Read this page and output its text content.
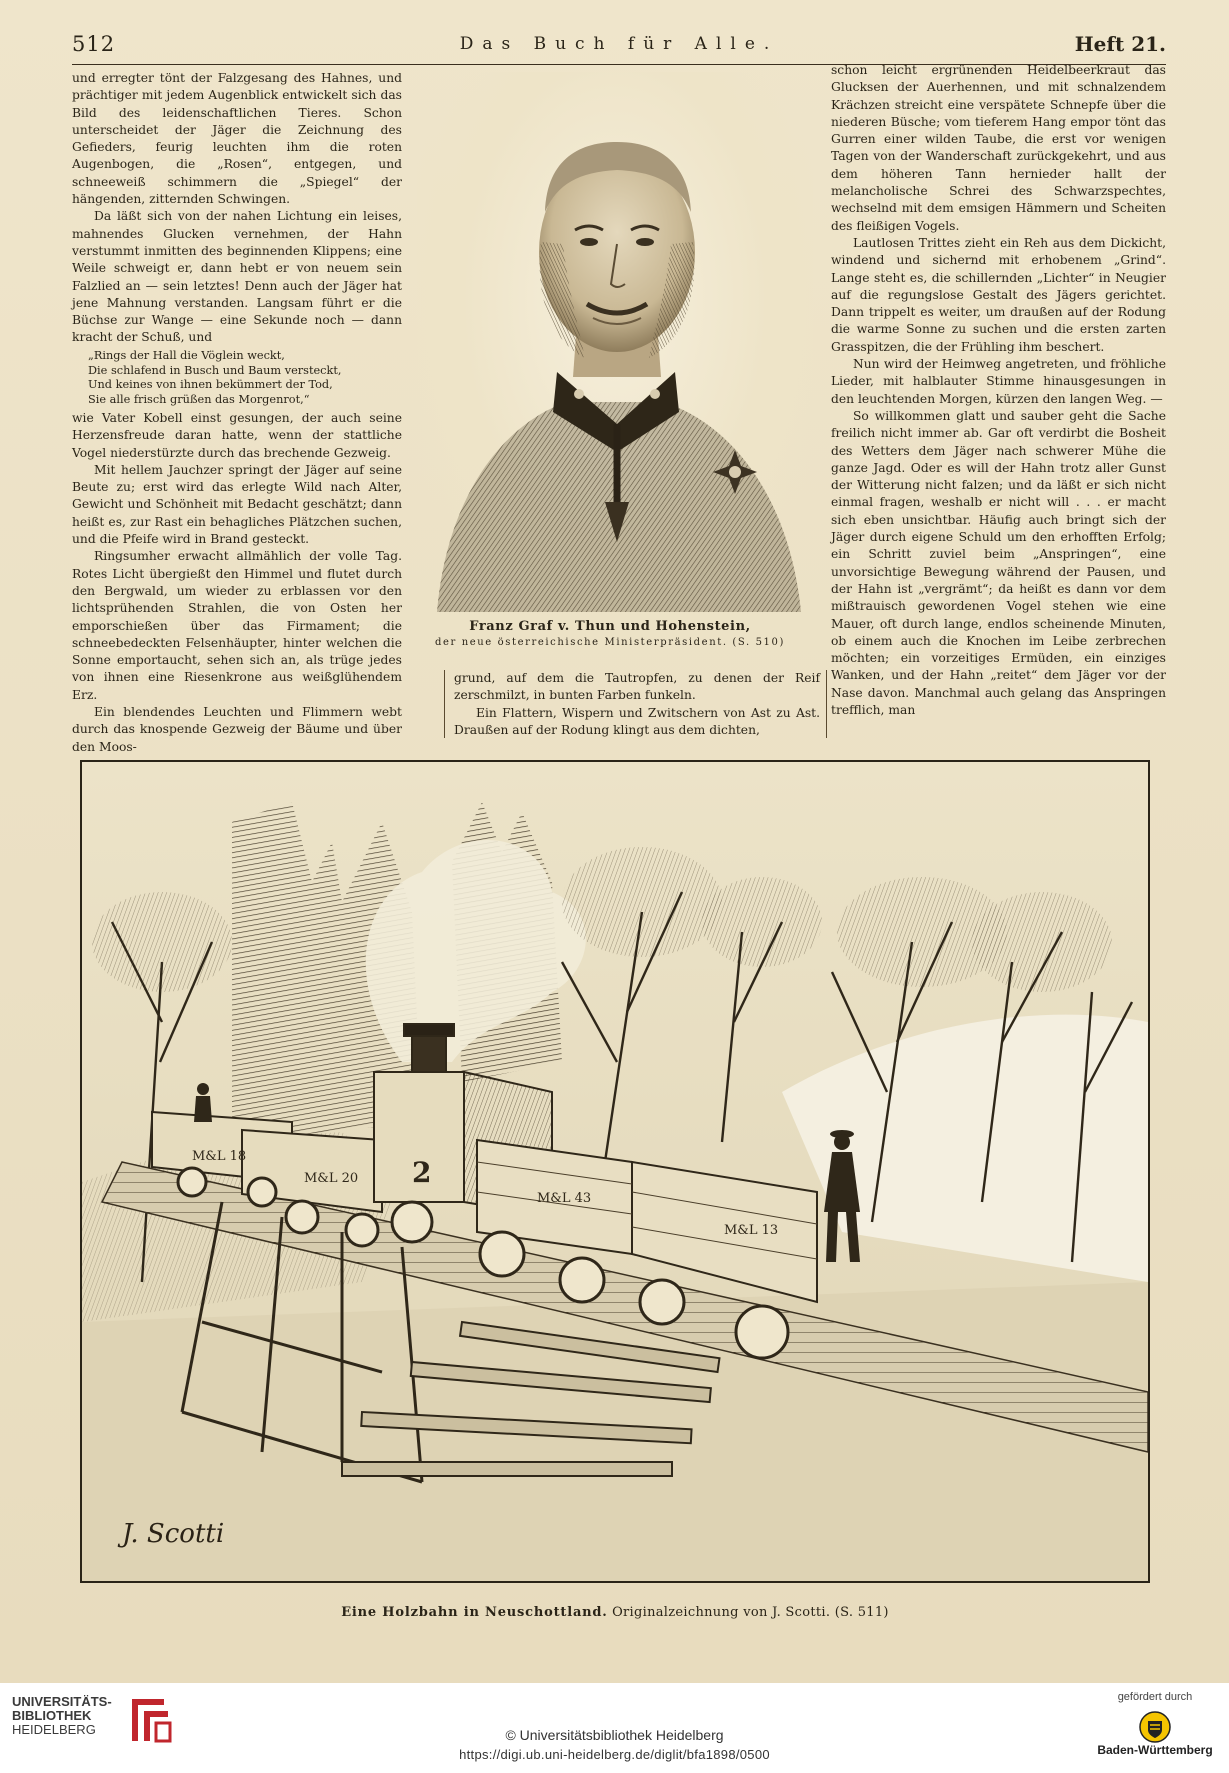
512	Das Buch für Alle.	Heft 21.

und erregter tönt der Falzgesang des Hahnes, und prächtiger mit jedem Augenblick entwickelt sich das Bild des leidenschaftlichen Tieres. Schon unterscheidet der Jäger die Zeichnung des Gefieders, feurig leuchten ihm die roten Augenbogen, die „Rosen“, entgegen, und schneeweiß schimmern die „Spiegel“ der hängenden, zitternden Schwingen.

Da läßt sich von der nahen Lichtung ein leises, mahnendes Glucken vernehmen, der Hahn verstummt inmitten des beginnenden Klippens; eine Weile schweigt er, dann hebt er von neuem sein Falzlied an — sein letztes! Denn auch der Jäger hat jene Mahnung verstanden. Langsam führt er die Büchse zur Wange — eine Sekunde noch — dann kracht der Schuß, und

„Rings der Hall die Vöglein weckt,
Die schlafend in Busch und Baum versteckt,
Und keines von ihnen bekümmert der Tod,
Sie alle frisch grüßen das Morgenrot,“

wie Vater Kobell einst gesungen, der auch seine Herzensfreude daran hatte, wenn der stattliche Vogel niederstürzte durch das brechende Gezweig.

Mit hellem Jauchzer springt der Jäger auf seine Beute zu; erst wird das erlegte Wild nach Alter, Gewicht und Schönheit mit Bedacht geschätzt; dann heißt es, zur Rast ein behagliches Plätzchen suchen, und die Pfeife wird in Brand gesteckt.

Ringsumher erwacht allmählich der volle Tag. Rotes Licht übergießt den Himmel und flutet durch den Bergwald, um wieder zu erblassen vor den lichtsprühenden Strahlen, die von Osten her emporschießen über das Firmament; die schneebedeckten Felsenhäupter, hinter welchen die Sonne emportaucht, sehen sich an, als trüge jedes von ihnen eine Riesenkrone aus weißglühendem Erz.

Ein blendendes Leuchten und Flimmern webt durch das knospende Gezweig der Bäume und über den Moos-

Franz Graf v. Thun und Hohenstein,
der neue österreichische Ministerpräsident. (S. 510)

grund, auf dem die Tautropfen, zu denen der Reif zerschmilzt, in bunten Farben funkeln.

Ein Flattern, Wispern und Zwitschern von Ast zu Ast. Draußen auf der Rodung klingt aus dem dichten,

schon leicht ergrünenden Heidelbeerkraut das Glucksen der Auerhennen, und mit schnalzendem Krächzen streicht eine verspätete Schnepfe über die niederen Büsche; vom tieferem Hang empor tönt das Gurren einer wilden Taube, die erst vor wenigen Tagen von der Wanderschaft zurückgekehrt, und aus dem höheren Tann hernieder hallt der melancholische Schrei des Schwarzspechtes, wechselnd mit dem emsigen Hämmern und Scheiten des fleißigen Vogels.

Lautlosen Trittes zieht ein Reh aus dem Dickicht, windend und sichernd mit erhobenem „Grind“. Lange steht es, die schillernden „Lichter“ in Neugier auf die regungslose Gestalt des Jägers gerichtet. Dann trippelt es weiter, um draußen auf der Rodung die warme Sonne zu suchen und die ersten zarten Grasspitzen, die der Frühling ihm beschert.

Nun wird der Heimweg angetreten, und fröhliche Lieder, mit halblauter Stimme hinausgesungen in den leuchtenden Morgen, kürzen den langen Weg. —

So willkommen glatt und sauber geht die Sache freilich nicht immer ab. Gar oft verdirbt die Bosheit des Wetters dem Jäger nach schwerer Mühe die ganze Jagd. Oder es will der Hahn trotz aller Gunst der Witterung nicht falzen; und da läßt er sich nicht einmal fragen, weshalb er nicht will . . . er macht sich eben unsichtbar. Häufig auch bringt sich der Jäger durch eigene Schuld um den erhofften Erfolg; ein Schritt zuviel beim „Anspringen“, eine unvorsichtige Bewegung während der Pausen, und der Hahn ist „vergrämt“; da heißt es dann vor dem mißtrauisch gewordenen Vogel stehen wie eine Mauer, oft durch lange, endlos scheinende Minuten, ob einem auch die Knochen im Leibe zerbrechen möchten; ein vorzeitiges Ermüden, ein einziges Wanken, und der Hahn „reitet“ dem Jäger vor der Nase davon. Manchmal auch gelang das Anspringen trefflich, man

M&L 18
M&L 20 2
M&L 43
M&L 13
J. Scotti
Eine Holzbahn in Neuschottland. Originalzeichnung von J. Scotti. (S. 511)
UNIVERSITÄTS-
BIBLIOTHEK
HEIDELBERG	© Universitätsbibliothek Heidelberg
https://digi.ub.uni-heidelberg.de/diglit/bfa1898/0500
gefördert durch
Baden-Württemberg
